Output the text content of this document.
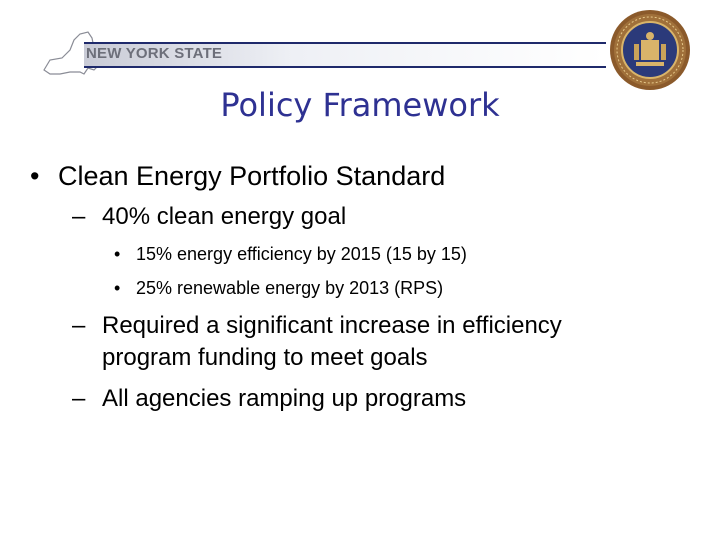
NEW YORK STATE
Policy Framework
• Clean Energy Portfolio Standard
– 40% clean energy goal
• 15% energy efficiency by 2015 (15 by 15)
• 25% renewable energy by 2013 (RPS)
– Required a significant increase in efficiency
program funding to meet goals
– All agencies ramping up programs
